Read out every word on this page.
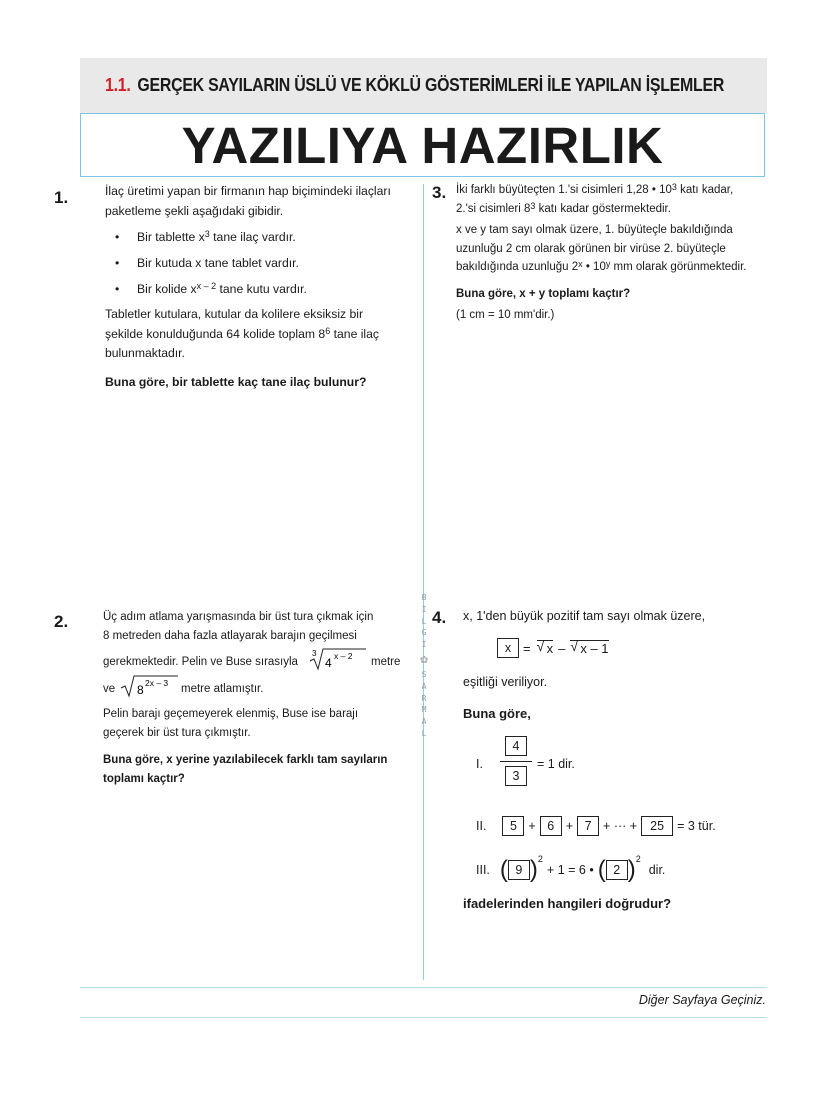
1.1. GERÇEK SAYILARIN ÜSLÜ VE KÖKLÜ GÖSTERİMLERİ İLE YAPILAN İŞLEMLER
YAZILIYA HAZIRLIK
B
İ
L
G
İ
✿
S
A
R
M
A
L
1.	İlaç üretimi yapan bir firmanın hap biçimindeki ilaçları
paketleme şekli aşağıdaki gibidir.
Bir tablette $x^3$ tane ilaç vardır.
Bir kutuda x tane tablet vardır.
Bir kolide $x^{x - 2}$ tane kutu vardır.
Tabletler kutulara, kutular da kolilere eksiksiz bir
şekilde konulduğunda 64 kolide toplam $8^6$ tane ilaç
bulunmaktadır.
Buna göre, bir tablette kaç tane ilaç bulunur?
3. İki farklı büyüteçten 1.'si cisimleri 1,28 • $10^3$ katı kadar,
2.'si cisimleri $8^3$ katı kadar göstermektedir.
x ve y tam sayı olmak üzere, 1. büyüteçle bakıldığında
uzunluğu 2 cm olarak görünen bir virüse 2. büyüteçle
bakıldığında uzunluğu 2$^x$ • 10$^y$ mm olarak görünmektedir.
Buna göre, x + y toplamı kaçtır?
(1 cm = 10 mm'dir.)
2.	Üç adım atlama yarışmasında bir üst tura çıkmak için
8 metreden daha fazla atlayarak barajın geçilmesi
gerekmektedir. Pelin ve Buse sırasıyla
3
4 x – 2 metre
ve 8 2x – 3 metre atlamıştır.
Pelin barajı geçemeyerek elenmiş, Buse ise barajı
geçerek bir üst tura çıkmıştır.
Buna göre, x yerine yazılabilecek farklı tam sayıların
toplamı kaçtır?
4. x, 1'den büyük pozitif tam sayı olmak üzere,
x = √ x – √ x – 1
eşitliği veriliyor.
Buna göre,
I. $\frac{4}{3} = 1$ dir.
II.	5 + 6 + 7 + ··· +	25	= 3 tür.
III. ( 9 ) 2
+ 1 = 6 • ( 2 ) 2
dir.
ifadelerinden hangileri doğrudur?
Diğer Sayfaya Geçiniz.
